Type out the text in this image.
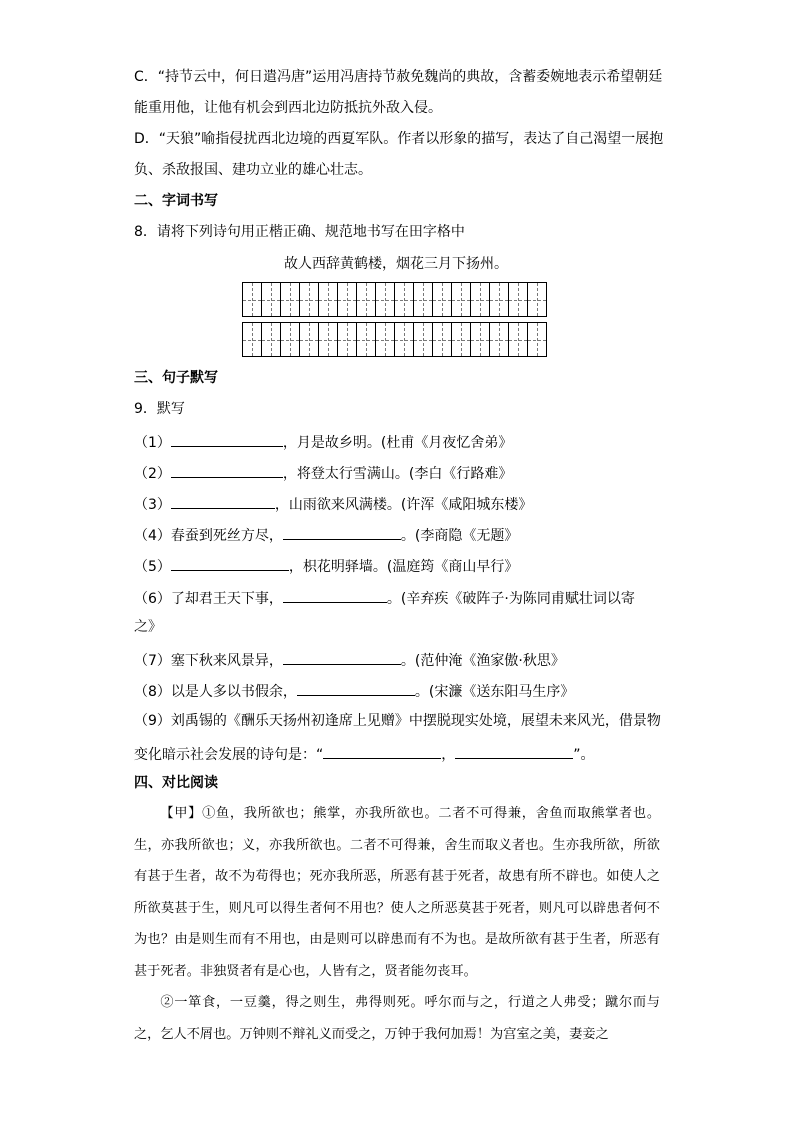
C．“持节云中，何日遣冯唐”运用冯唐持节赦免魏尚的典故，含蓄委婉地表示希望朝廷
能重用他，让他有机会到西北边防抵抗外敌入侵。
D．“天狼”喻指侵扰西北边境的西夏军队。作者以形象的描写，表达了自己渴望一展抱
负、杀敌报国、建功立业的雄心壮志。
二、字词书写
8．请将下列诗句用正楷正确、规范地书写在田字格中
故人西辞黄鹤楼，烟花三月下扬州。
三、句子默写
9．默写
（1）	，月是故乡明。(杜甫《月夜忆舍弟》
（2）	，将登太行雪满山。(李白《行路难》
（3）	，山雨欲来风满楼。(许浑《咸阳城东楼》
（4）春蚕到死丝方尽，	。(李商隐《无题》
（5）	，枳花明驿墙。(温庭筠《商山早行》
（6）了却君王天下事，	。(辛弃疾《破阵子·为陈同甫赋壮词以寄
之》
（7）塞下秋来风景异，	。(范仲淹《渔家傲·秋思》
（8）以是人多以书假余，	。(宋濂《送东阳马生序》
（9）刘禹锡的《酬乐天扬州初逢席上见赠》中摆脱现实处境，展望未来风光，借景物
变化暗示社会发展的诗句是：“	，	”。
四、对比阅读
【甲】①鱼，我所欲也；熊掌，亦我所欲也。二者不可得兼，舍鱼而取熊掌者也。生，亦我所欲也；义，亦我所欲也。二者不可得兼，舍生而取义者也。生亦我所欲，所欲有甚于生者，故不为苟得也；死亦我所恶，所恶有甚于死者，故患有所不辟也。如使人之所欲莫甚于生，则凡可以得生者何不用也？使人之所恶莫甚于死者，则凡可以辟患者何不为也？由是则生而有不用也，由是则可以辟患而有不为也。是故所欲有甚于生者，所恶有甚于死者。非独贤者有是心也，人皆有之，贤者能勿丧耳。
②一箪食，一豆羹，得之则生，弗得则死。呼尔而与之，行道之人弗受；蹴尔而与之，乞人不屑也。万钟则不辩礼义而受之，万钟于我何加焉！为宫室之美，妻妾之
